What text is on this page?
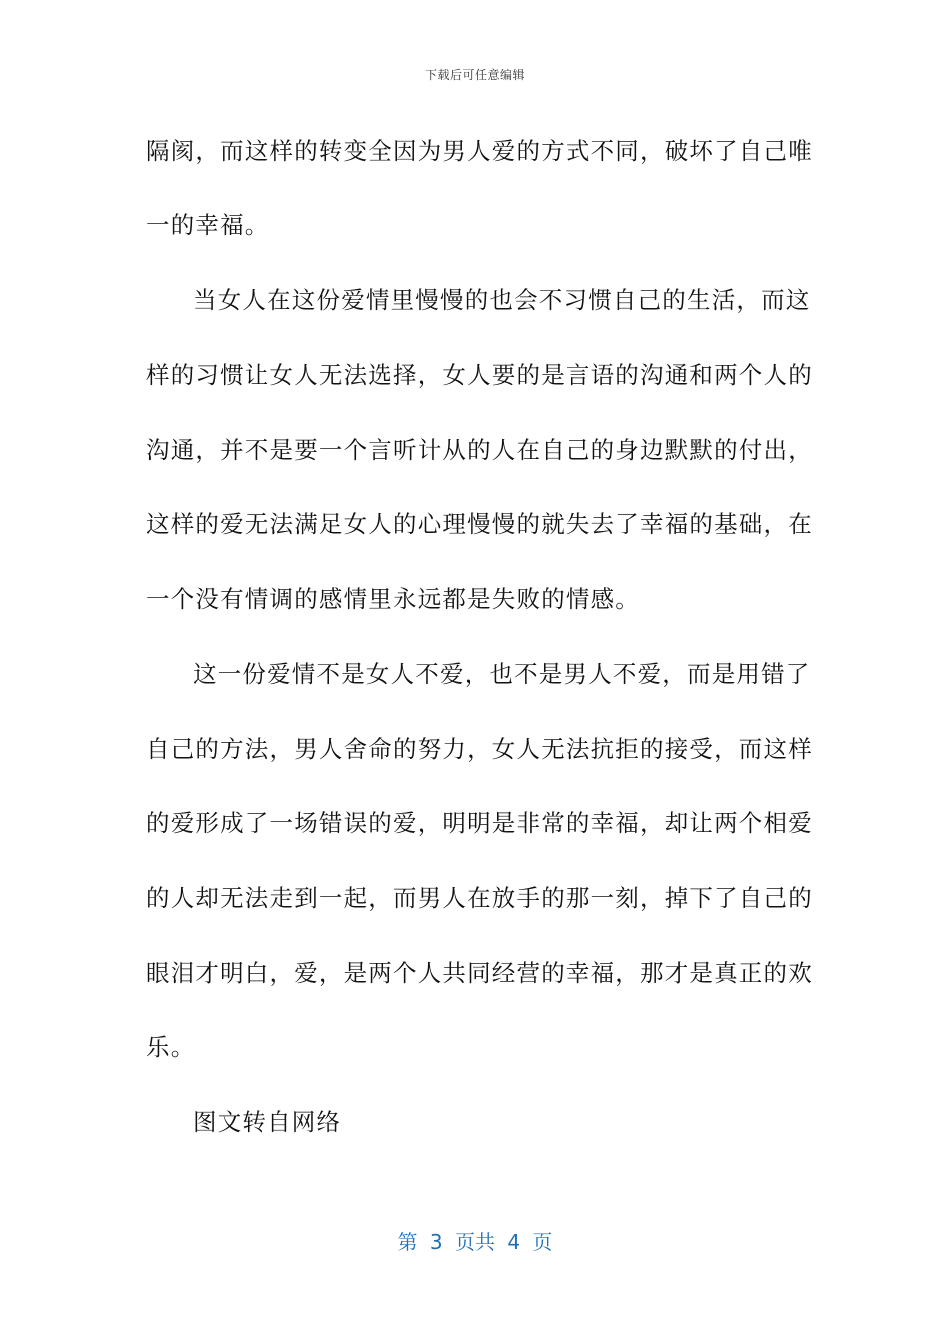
下载后可任意编辑
隔阂，而这样的转变全因为男人爱的方式不同，破坏了自己唯
一的幸福。
当女人在这份爱情里慢慢的也会不习惯自己的生活，而这
样的习惯让女人无法选择，女人要的是言语的沟通和两个人的
沟通，并不是要一个言听计从的人在自己的身边默默的付出，
这样的爱无法满足女人的心理慢慢的就失去了幸福的基础，在
一个没有情调的感情里永远都是失败的情感。
这一份爱情不是女人不爱，也不是男人不爱，而是用错了
自己的方法，男人舍命的努力，女人无法抗拒的接受，而这样
的爱形成了一场错误的爱，明明是非常的幸福，却让两个相爱
的人却无法走到一起，而男人在放手的那一刻，掉下了自己的
眼泪才明白，爱，是两个人共同经营的幸福，那才是真正的欢
乐。
图文转自网络
第 3 页共 4 页
